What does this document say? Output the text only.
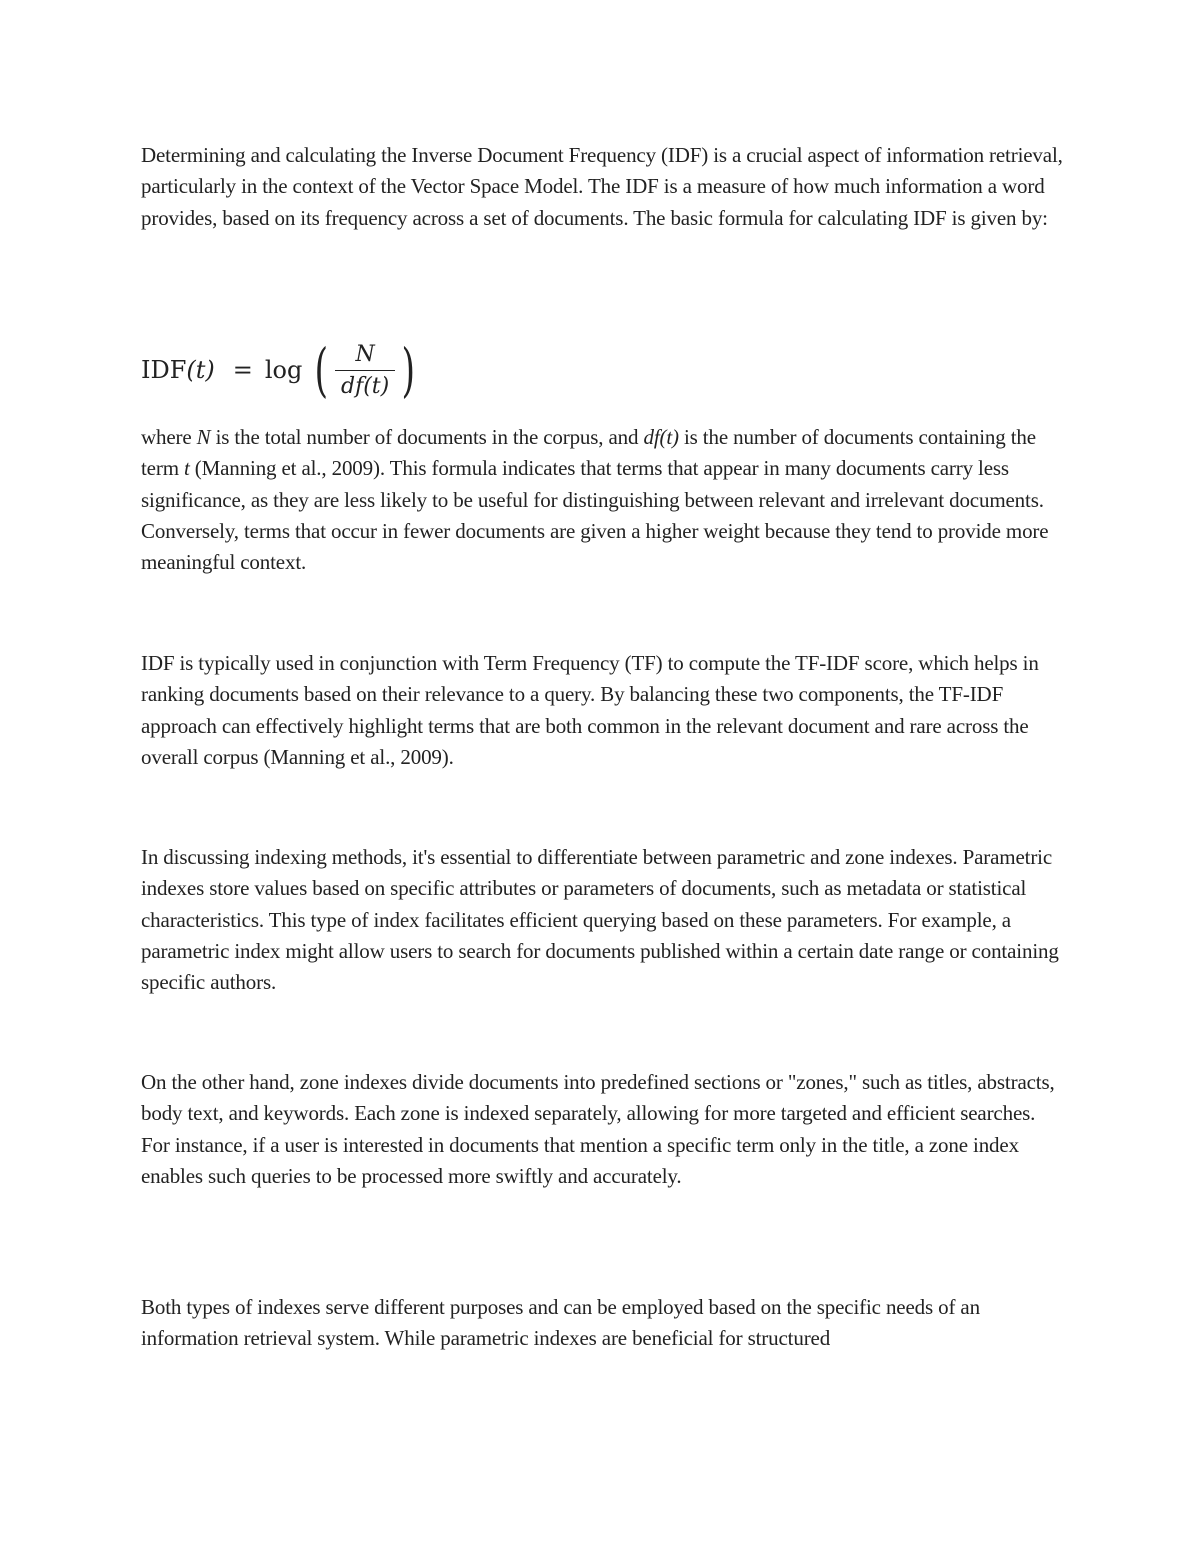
Determining and calculating the Inverse Document Frequency (IDF) is a crucial aspect of information retrieval, particularly in the context of the Vector Space Model. The IDF is a measure of how much information a word provides, based on its frequency across a set of documents. The basic formula for calculating IDF is given by:

IDF(t) = log ( $\frac{N}{df(t)}$ )

where N is the total number of documents in the corpus, and df(t) is the number of documents containing the term t (Manning et al., 2009). This formula indicates that terms that appear in many documents carry less significance, as they are less likely to be useful for distinguishing between relevant and irrelevant documents. Conversely, terms that occur in fewer documents are given a higher weight because they tend to provide more meaningful context.

IDF is typically used in conjunction with Term Frequency (TF) to compute the TF-IDF score, which helps in ranking documents based on their relevance to a query. By balancing these two components, the TF-IDF approach can effectively highlight terms that are both common in the relevant document and rare across the overall corpus (Manning et al., 2009).

In discussing indexing methods, it's essential to differentiate between parametric and zone indexes. Parametric indexes store values based on specific attributes or parameters of documents, such as metadata or statistical characteristics. This type of index facilitates efficient querying based on these parameters. For example, a parametric index might allow users to search for documents published within a certain date range or containing specific authors.

On the other hand, zone indexes divide documents into predefined sections or "zones," such as titles, abstracts, body text, and keywords. Each zone is indexed separately, allowing for more targeted and efficient searches. For instance, if a user is interested in documents that mention a specific term only in the title, a zone index enables such queries to be processed more swiftly and accurately.

Both types of indexes serve different purposes and can be employed based on the specific needs of an information retrieval system. While parametric indexes are beneficial for structured
